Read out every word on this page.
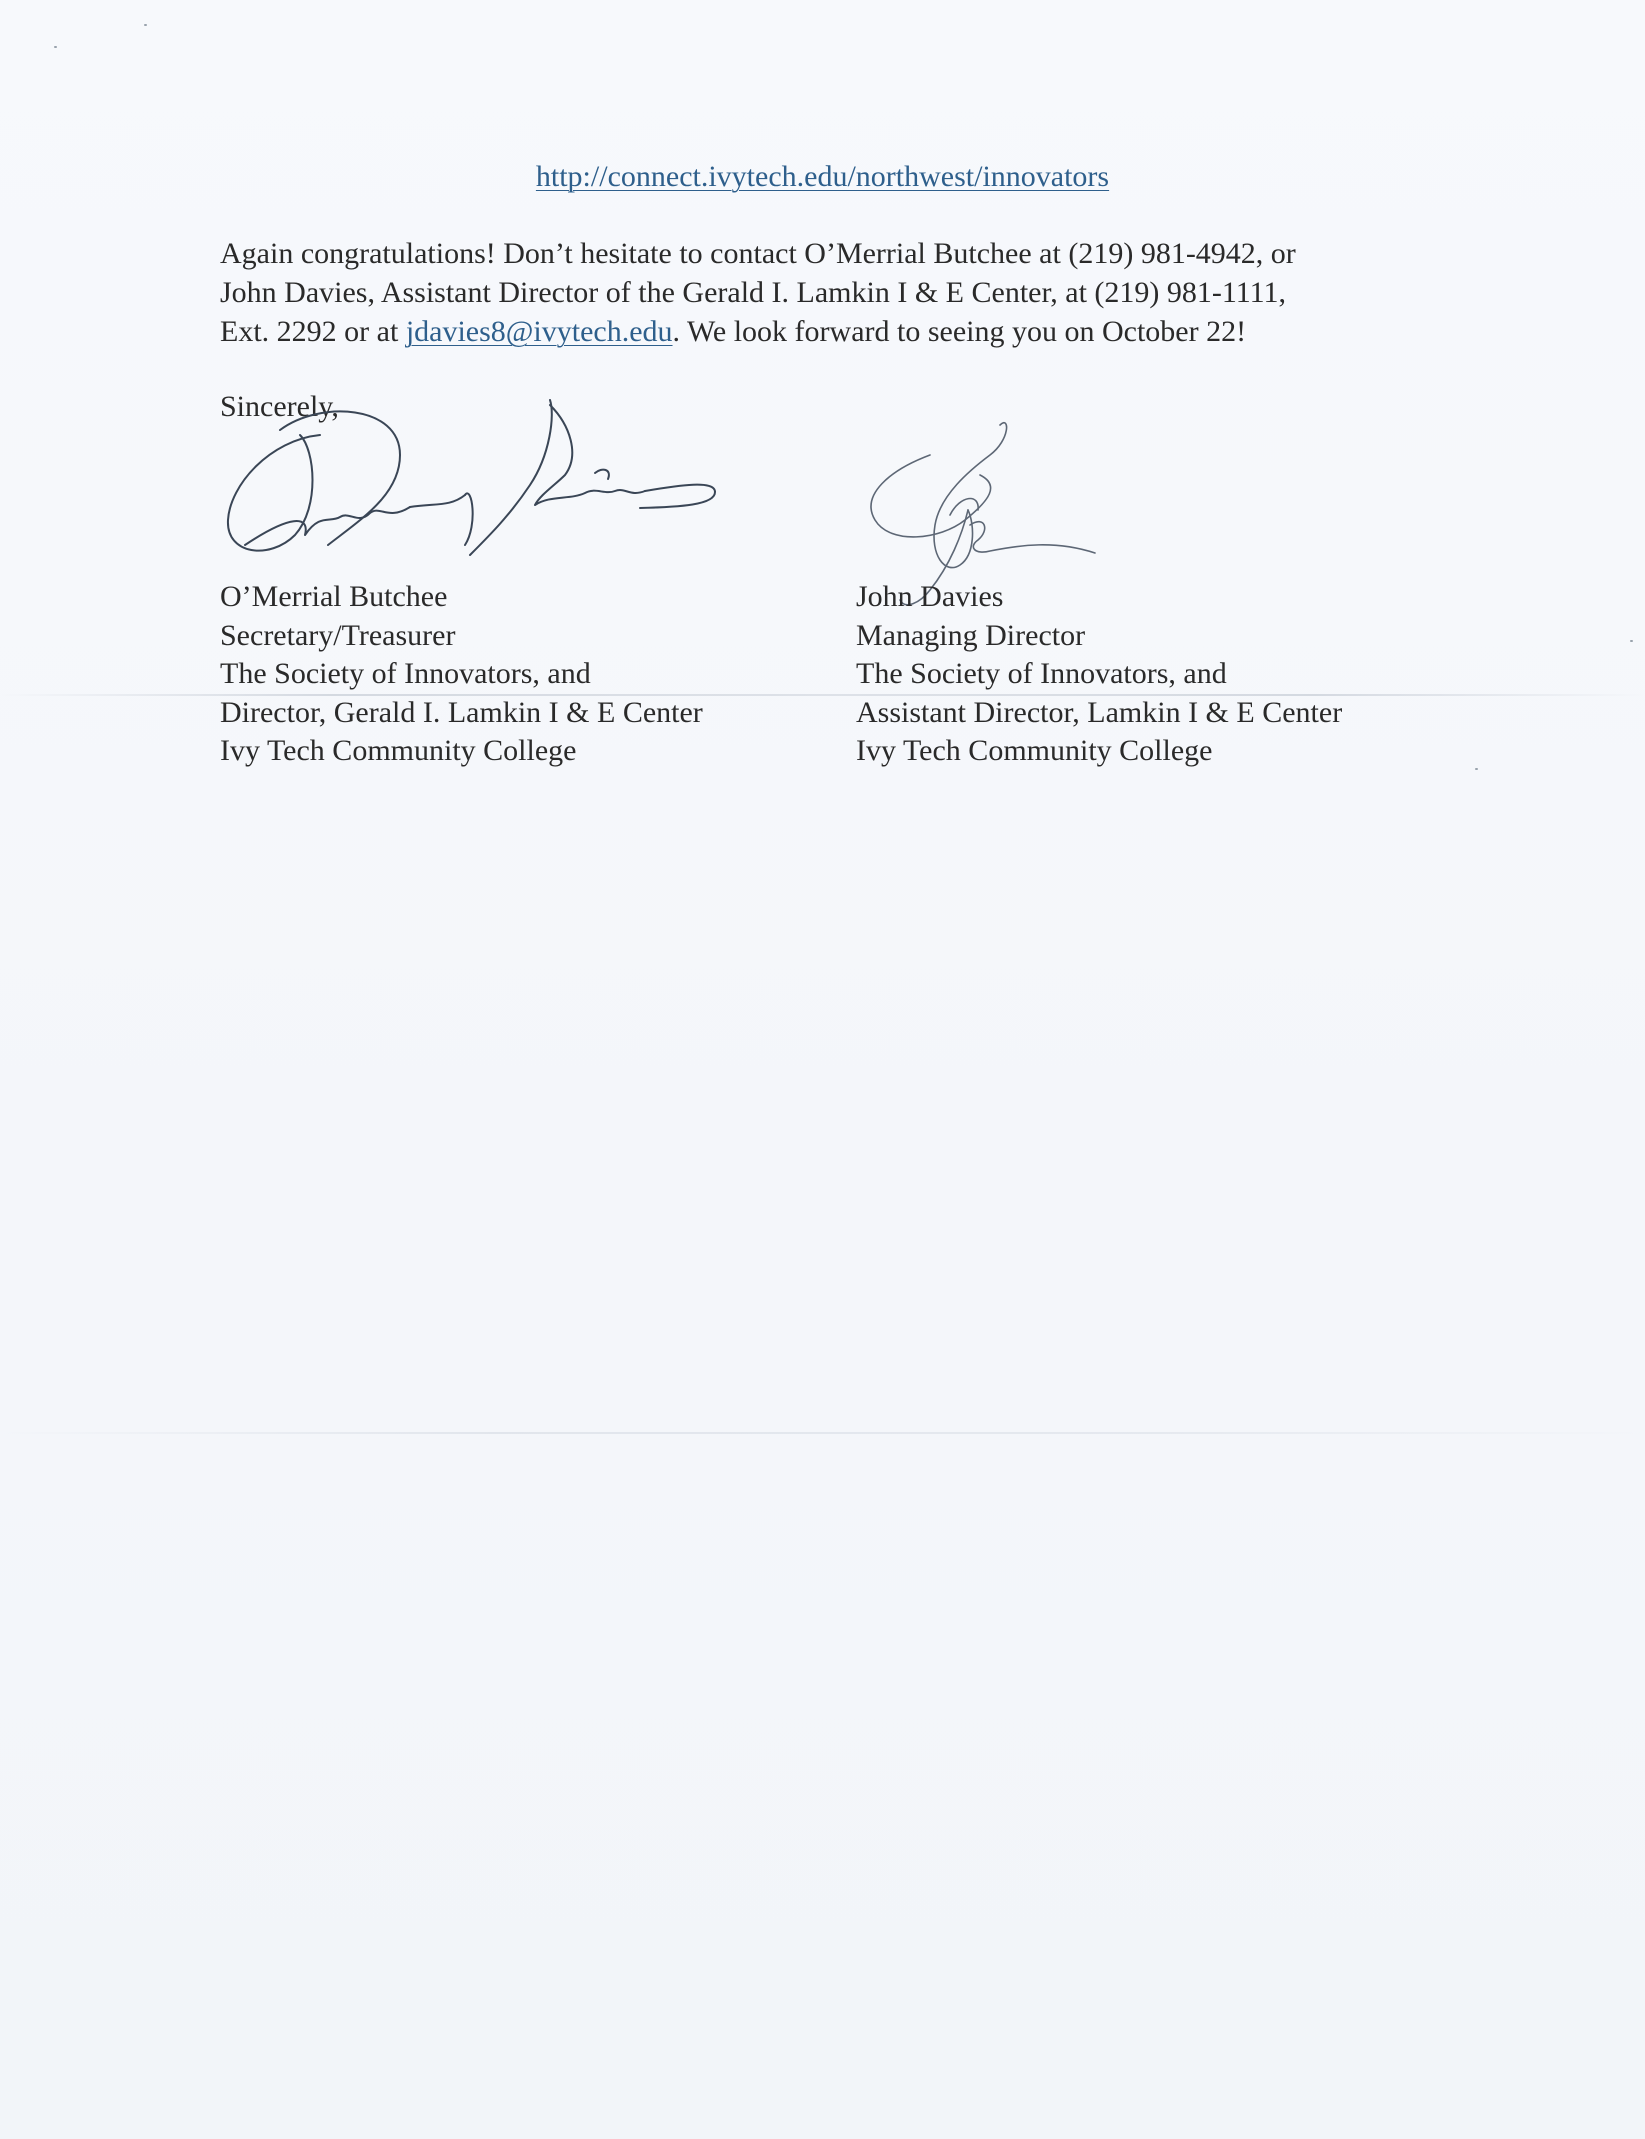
http://connect.ivytech.edu/northwest/innovators
Again congratulations! Don’t hesitate to contact O’Merrial Butchee at (219) 981-4942, or
John Davies, Assistant Director of the Gerald I. Lamkin I & E Center, at (219) 981-1111,
Ext. 2292 or at jdavies8@ivytech.edu. We look forward to seeing you on October 22!
Sincerely,
O’Merrial Butchee
Secretary/Treasurer
The Society of Innovators, and
Director, Gerald I. Lamkin I & E Center
Ivy Tech Community College
John Davies
Managing Director
The Society of Innovators, and
Assistant Director, Lamkin I & E Center
Ivy Tech Community College
